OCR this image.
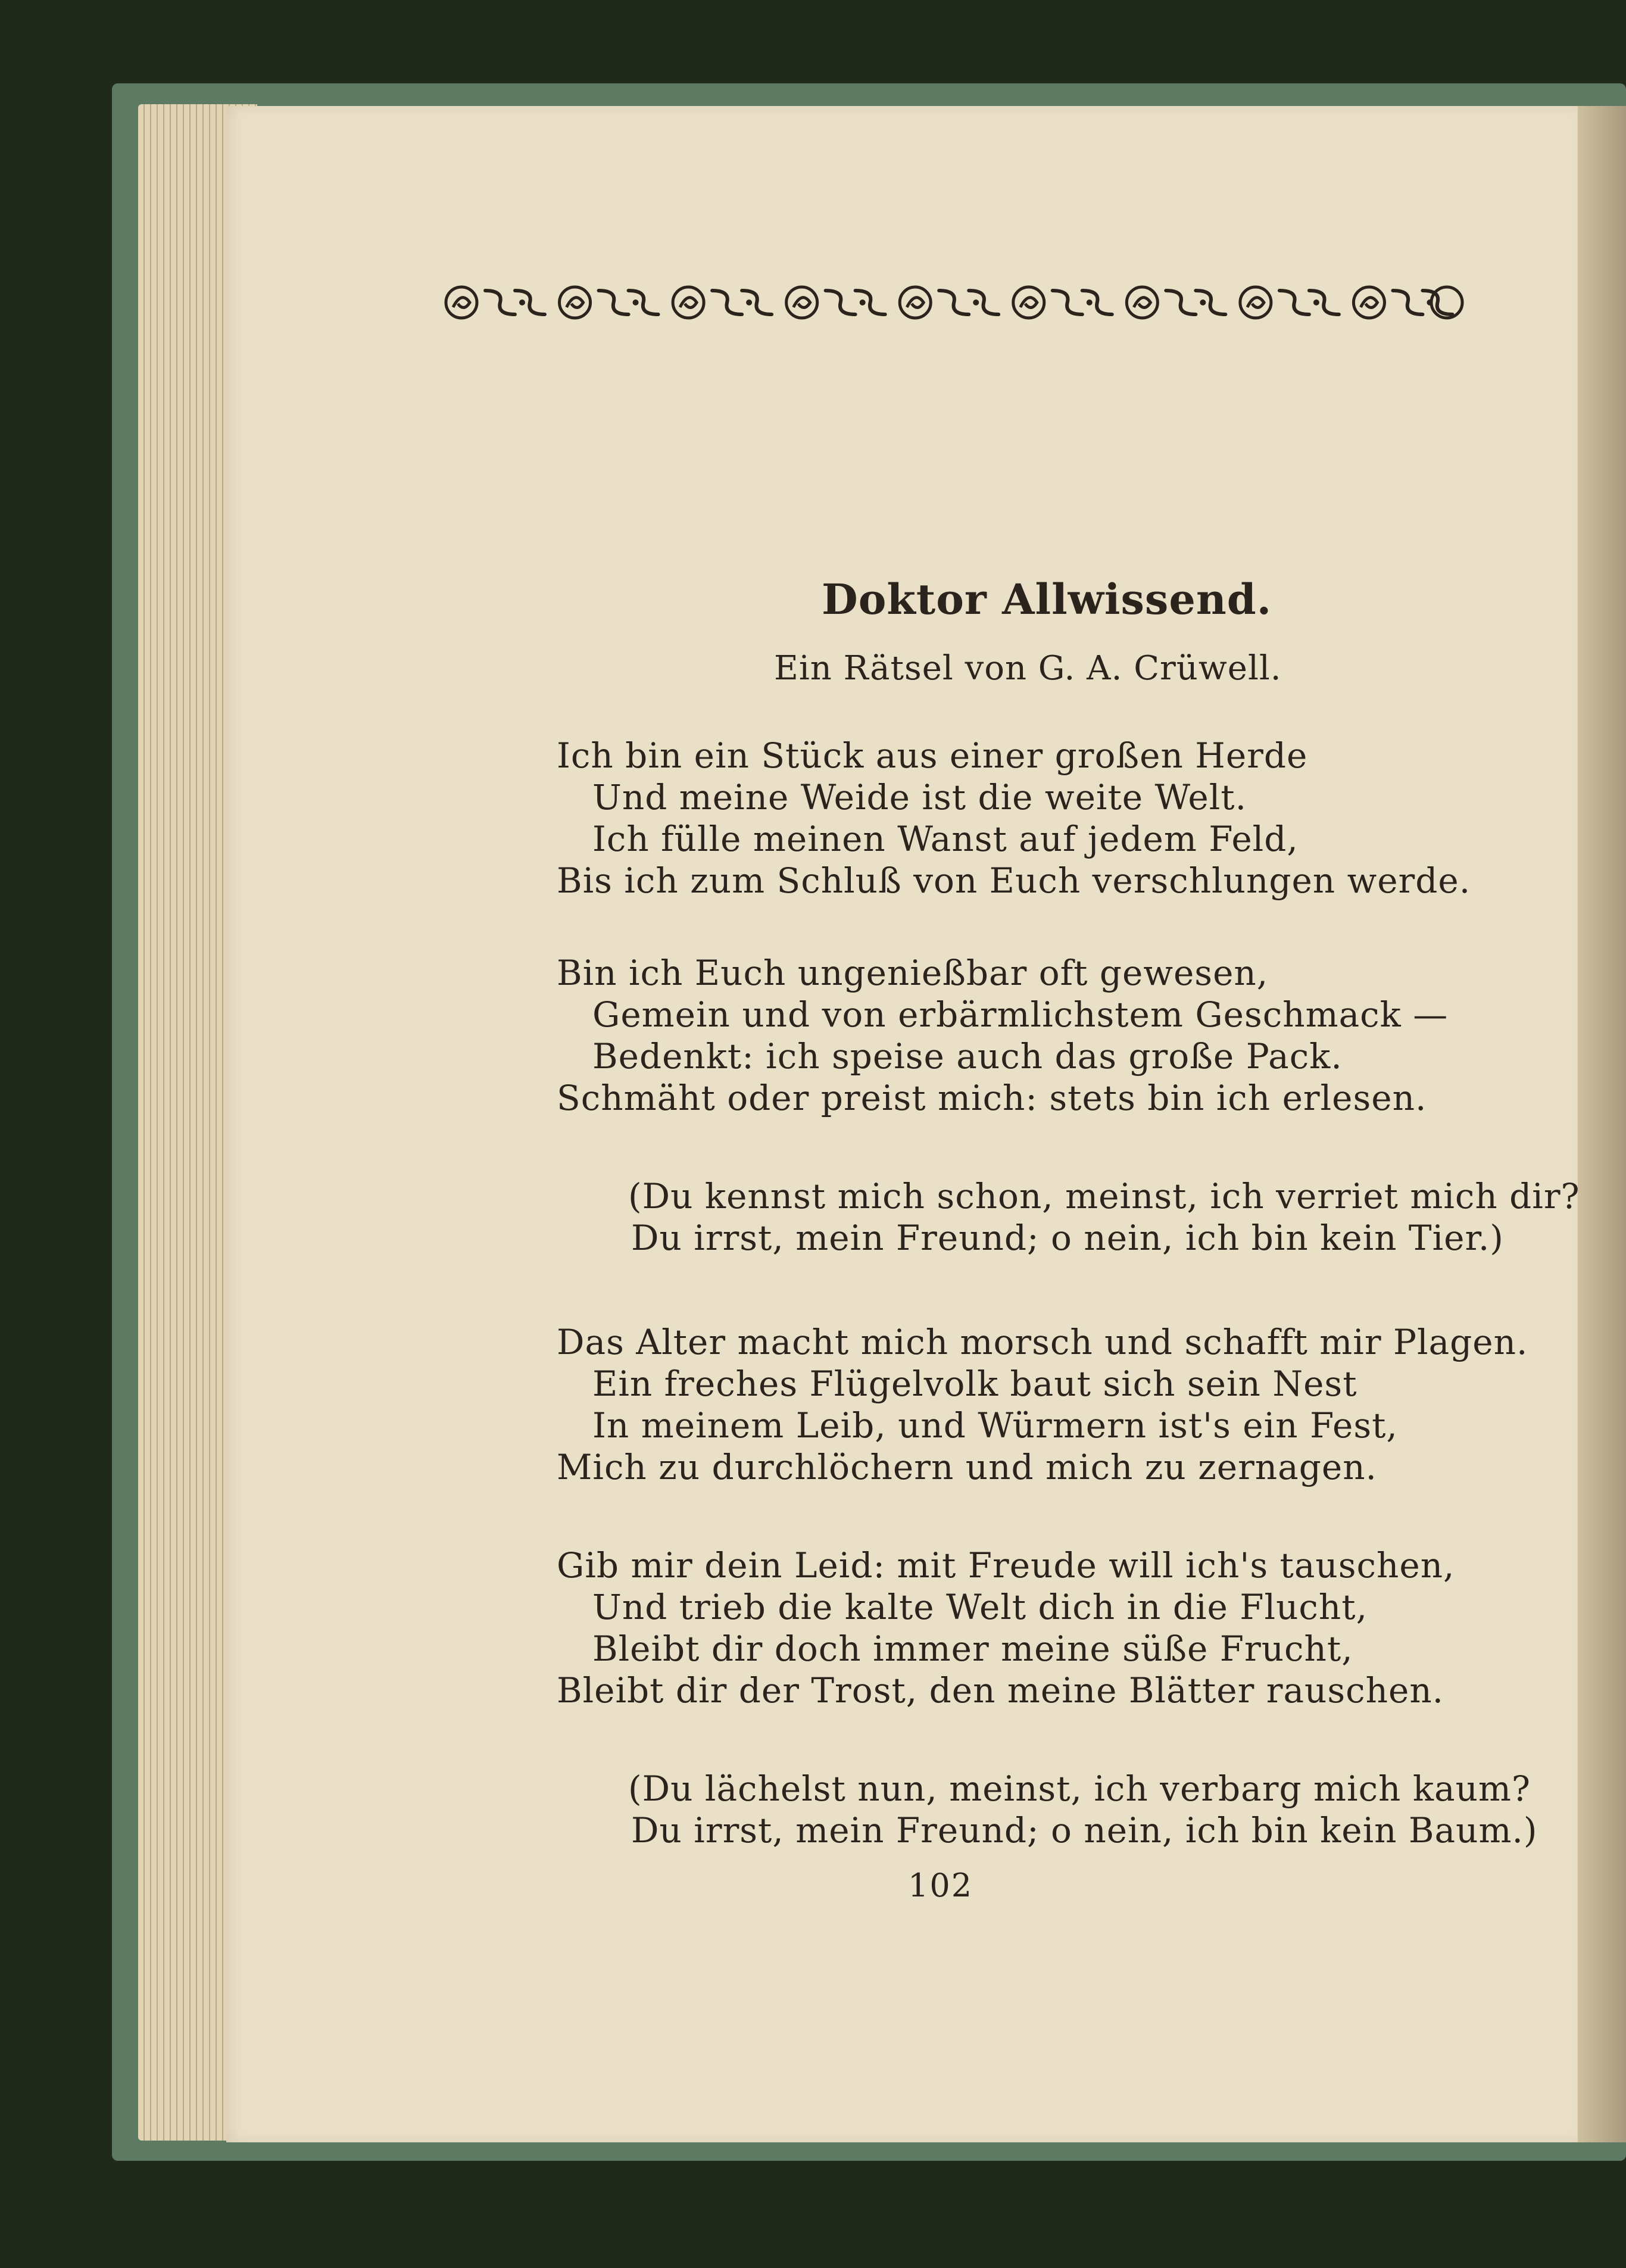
Doktor Allwissend.
Ein Rätsel von G. A. Crüwell.
Ich bin ein Stück aus einer großen Herde
Und meine Weide ist die weite Welt.
Ich fülle meinen Wanst auf jedem Feld,
Bis ich zum Schluß von Euch verschlungen werde.
Bin ich Euch ungenießbar oft gewesen,
Gemein und von erbärmlichstem Geschmack —
Bedenkt: ich speise auch das große Pack.
Schmäht oder preist mich: stets bin ich erlesen.
(Du kennst mich schon, meinst, ich verriet mich dir?
Du irrst, mein Freund; o nein, ich bin kein Tier.)
Das Alter macht mich morsch und schafft mir Plagen.
Ein freches Flügelvolk baut sich sein Nest
In meinem Leib, und Würmern ist's ein Fest,
Mich zu durchlöchern und mich zu zernagen.
Gib mir dein Leid: mit Freude will ich's tauschen,
Und trieb die kalte Welt dich in die Flucht,
Bleibt dir doch immer meine süße Frucht,
Bleibt dir der Trost, den meine Blätter rauschen.
(Du lächelst nun, meinst, ich verbarg mich kaum?
Du irrst, mein Freund; o nein, ich bin kein Baum.)
102
